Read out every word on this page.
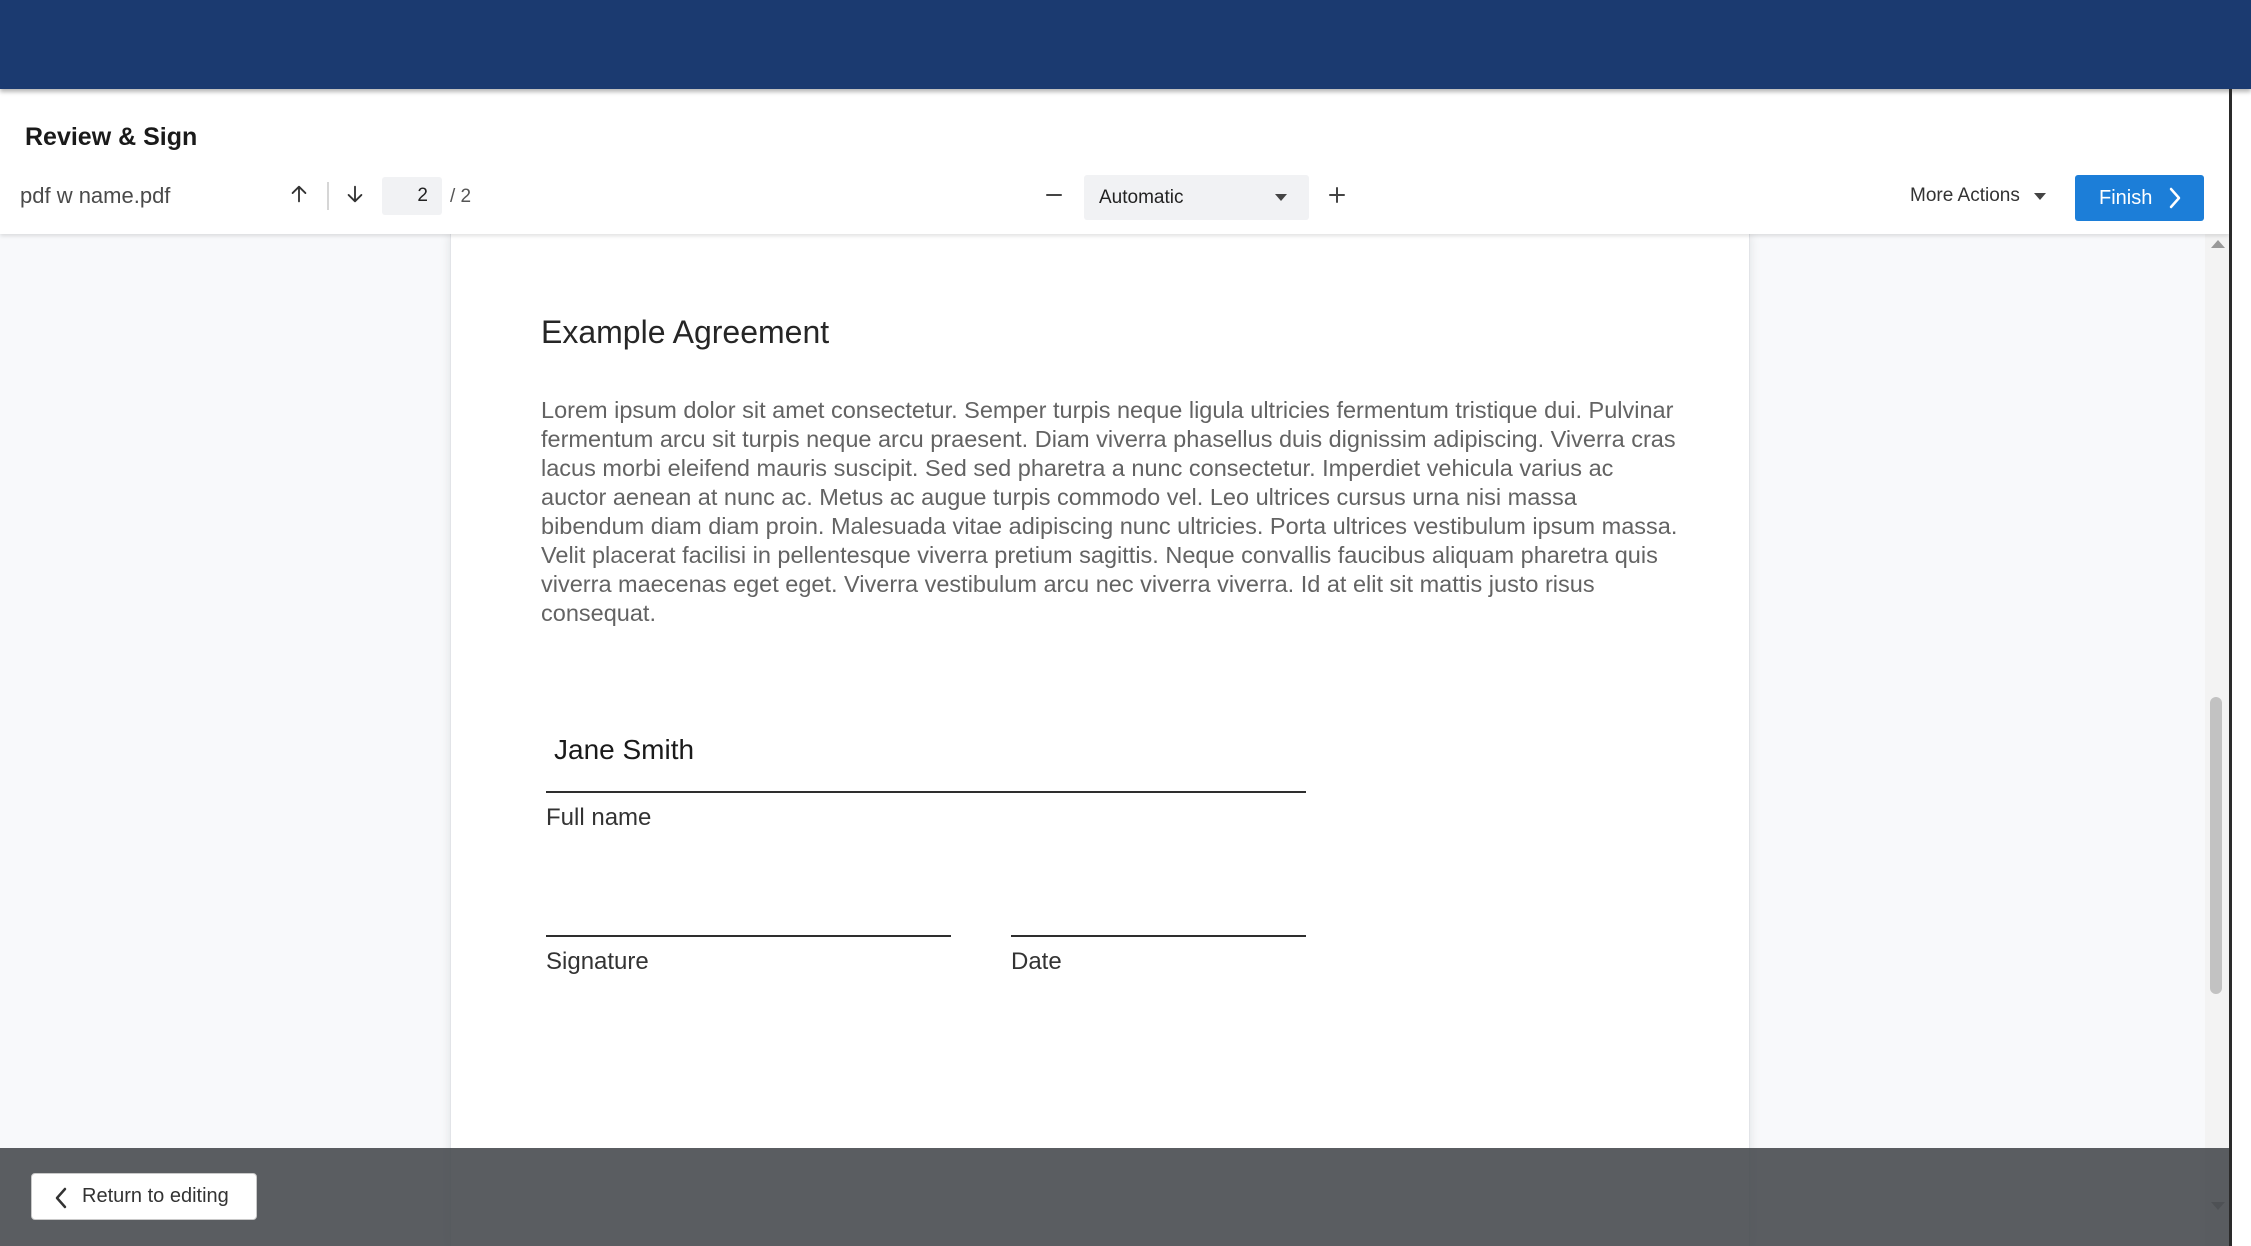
Review & Sign
pdf w name.pdf
2	/ 2	Automatic	More Actions	Finish
Example Agreement
Lorem ipsum dolor sit amet consectetur. Semper turpis neque ligula ultricies fermentum tristique dui. Pulvinar fermentum arcu sit turpis neque arcu praesent. Diam viverra phasellus duis dignissim adipiscing. Viverra cras lacus morbi eleifend mauris suscipit. Sed sed pharetra a nunc consectetur. Imperdiet vehicula varius ac auctor aenean at nunc ac. Metus ac augue turpis commodo vel. Leo ultrices cursus urna nisi massa bibendum diam diam proin. Malesuada vitae adipiscing nunc ultricies. Porta ultrices vestibulum ipsum massa. Velit placerat facilisi in pellentesque viverra pretium sagittis. Neque convallis faucibus aliquam pharetra quis viverra maecenas eget eget. Viverra vestibulum arcu nec viverra viverra. Id at elit sit mattis justo risus consequat.
Jane Smith
Full name
Signature	Date
Return to editing
